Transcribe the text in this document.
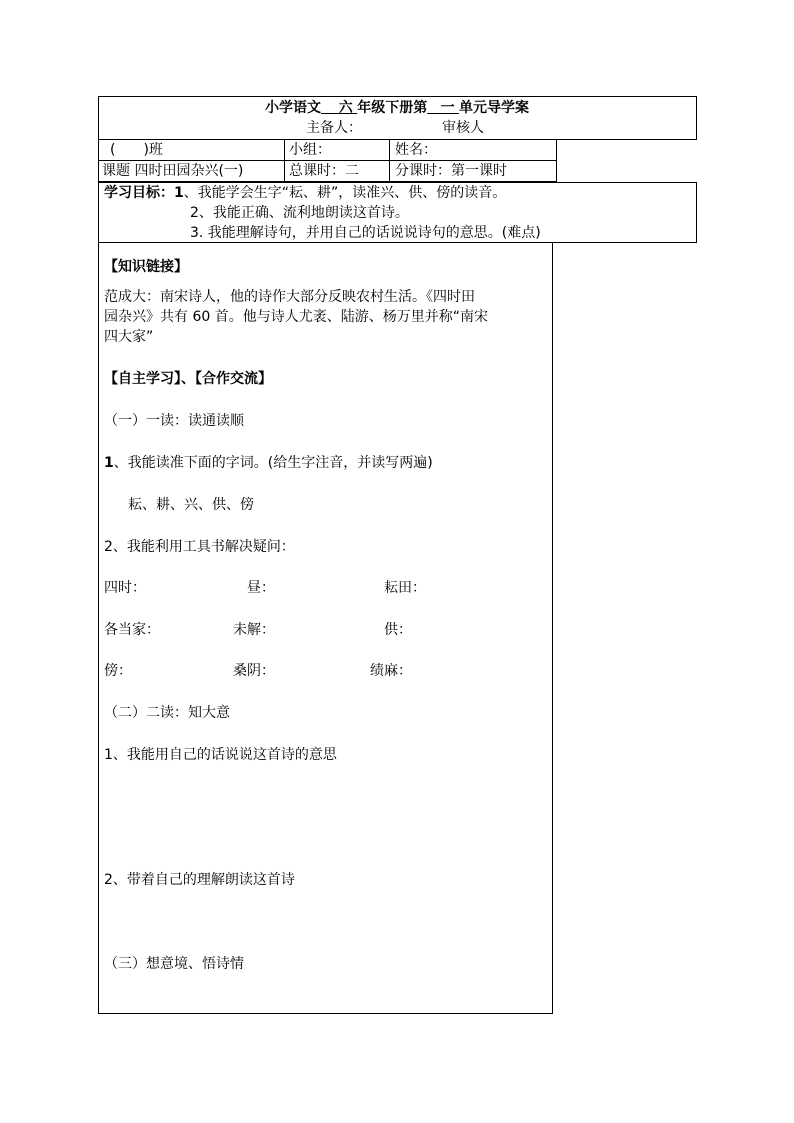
小学语文 六 年级下册第 一 单元导学案
主备人：	审核人
(　　)班	小组：	姓名：
课题 四时田园杂兴(一)	总课时：二	分课时：第一课时
学习目标：1、我能学会生字“耘、耕”，读准兴、供、傍的读音。
2、我能正确、流利地朗读这首诗。
3. 我能理解诗句，并用自己的话说说诗句的意思。(难点)
【知识链接】
范成大：南宋诗人，他的诗作大部分反映农村生活。《四时田
园杂兴》共有 60 首。他与诗人尤袤、陆游、杨万里并称“南宋
四大家”
【自主学习】、【合作交流】
（一）一读：读通读顺
1、我能读准下面的字词。(给生字注音，并读写两遍)
耘、耕、兴、供、傍
2、我能利用工具书解决疑问：
四时：	昼：	耘田：
各当家：	未解：	供：
傍：	桑阴：	绩麻：
（二）二读：知大意
1、我能用自己的话说说这首诗的意思
2、带着自己的理解朗读这首诗
（三）想意境、悟诗情
